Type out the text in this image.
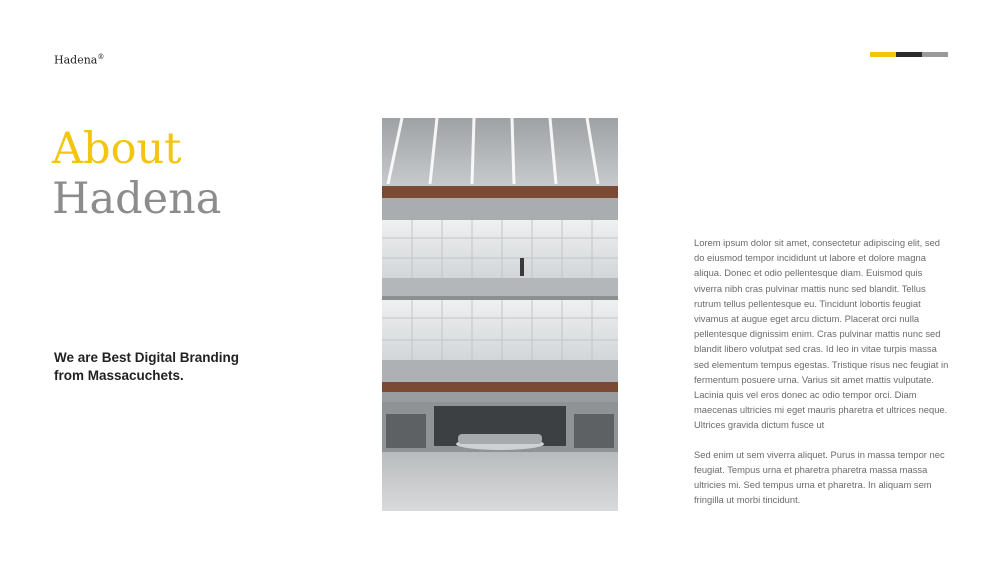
Hadena®
About
Hadena
We are Best Digital Branding
from Massacuchets.

Lorem ipsum dolor sit amet, consectetur adipiscing elit, sed do eiusmod tempor incididunt ut labore et dolore magna aliqua. Donec et odio pellentesque diam. Euismod quis viverra nibh cras pulvinar mattis nunc sed blandit. Tellus rutrum tellus pellentesque eu. Tincidunt lobortis feugiat vivamus at augue eget arcu dictum. Placerat orci nulla pellentesque dignissim enim. Cras pulvinar mattis nunc sed blandit libero volutpat sed cras. Id leo in vitae turpis massa sed elementum tempus egestas. Tristique risus nec feugiat in fermentum posuere urna. Varius sit amet mattis vulputate. Lacinia quis vel eros donec ac odio tempor orci. Diam maecenas ultricies mi eget mauris pharetra et ultrices neque. Ultrices gravida dictum fusce ut

Sed enim ut sem viverra aliquet. Purus in massa tempor nec feugiat. Tempus urna et pharetra pharetra massa massa ultricies mi. Sed tempus urna et pharetra. In aliquam sem fringilla ut morbi tincidunt.
